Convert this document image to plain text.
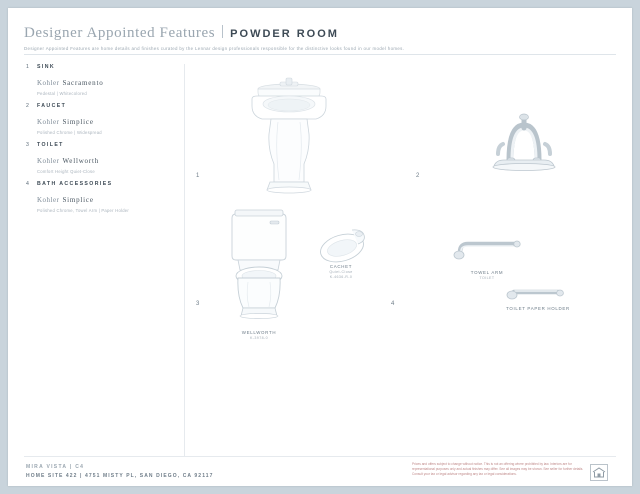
Designer Appointed Features POWDER ROOM
Designer Appointed Features are home details and finishes curated by the Lennar design professionals responsible for the distinctive looks found in our model homes.
1	SINK
Kohler Sacramento
Pedestal | Whitecolored
2	FAUCET
Kohler Simplice
Polished Chrome | Widespread
3	TOILET
Kohler Wellworth
Comfort Height Quiet-Close
4	BATH ACCESSORIES
Kohler Simplice
Polished Chrome, Towel Arm | Paper Holder
1	2
3	4
CACHET
Quiet-Close
K-4636-R-0
WELLWORTH
K-3978-0
TOWEL ARM
TOILET
TOILET PAPER HOLDER
MIRA VISTA | C4
HOME SITE 422 | 4751 MISTY PL, SAN DIEGO, CA 92117
Prices and offers subject to change without notice. This is not an offering where prohibited by law. Interiors are for representational purposes only and actual finishes may differ. See all images may be shown. See seller for further details. Consult your tax or legal advisor regarding any tax or legal considerations.
